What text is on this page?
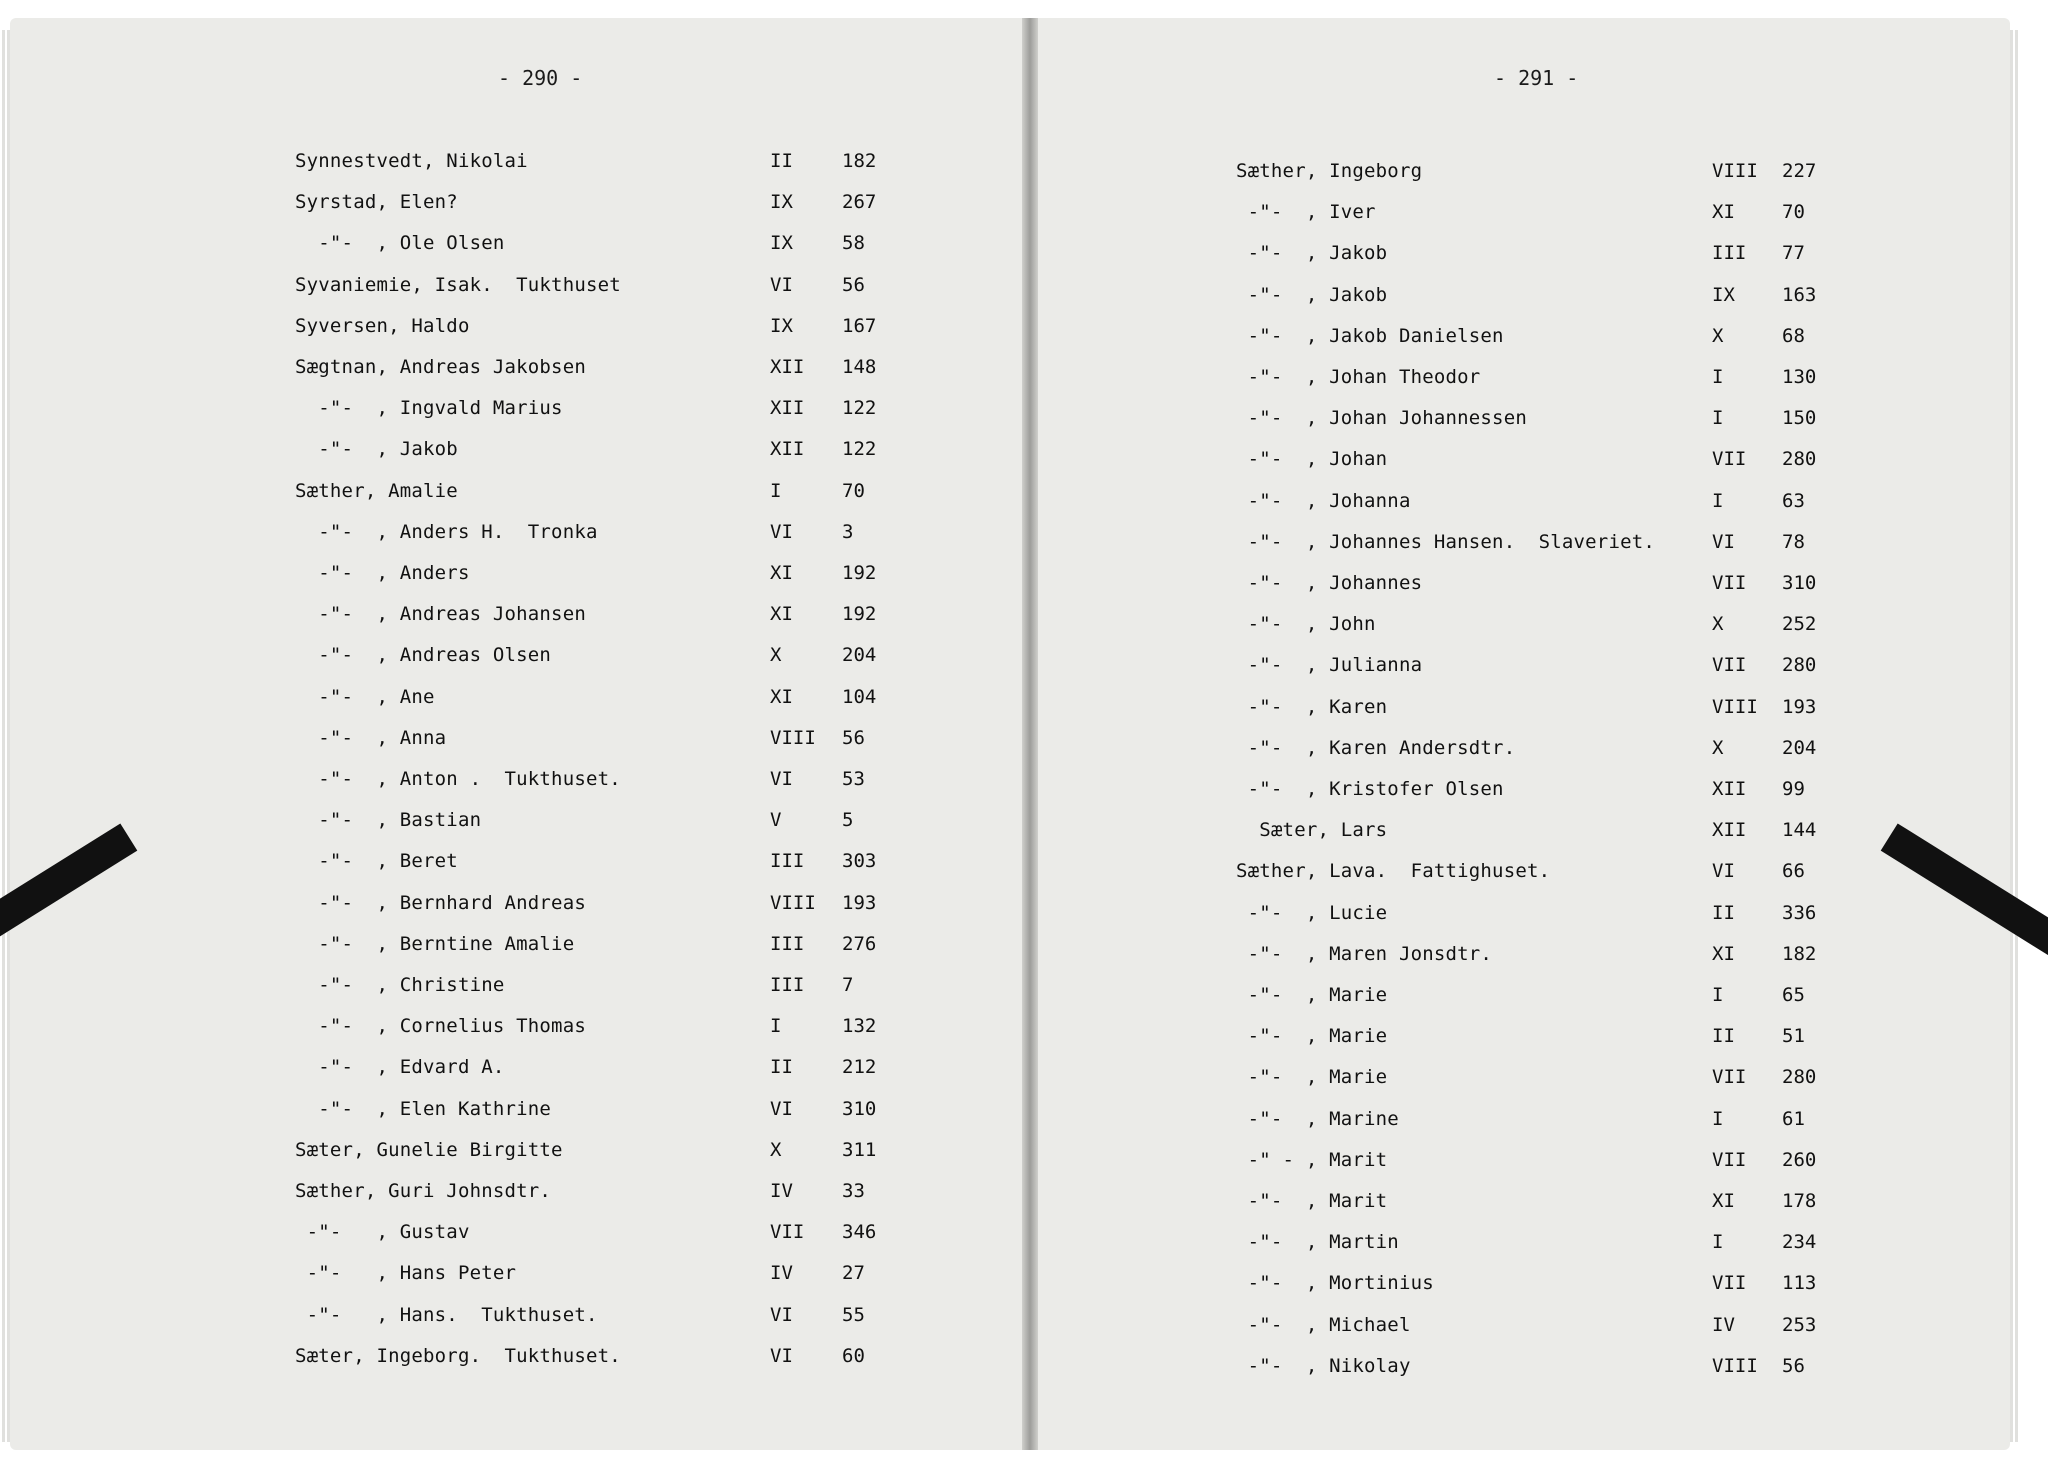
- 290 -	- 291 -
Synnestvedt, Nikolai	II	182
Syrstad, Elen?	IX	267
-"-  , Ole Olsen	IX	58
Syvaniemie, Isak.  Tukthuset	VI	56
Syversen, Haldo	IX	167
Sægtnan, Andreas Jakobsen	XII 148
-"-  , Ingvald Marius	XII 122
-"-  , Jakob	XII 122
Sæther, Amalie	I	70
-"-  , Anders H.  Tronka	VI	3
-"-  , Anders	XI	192
-"-  , Andreas Johansen	XI	192
-"-  , Andreas Olsen	X	204
-"-  , Ane	XI	104
-"-  , Anna	VIII 56
-"-  , Anton .  Tukthuset.	VI	53
-"-  , Bastian	V	5
-"-  , Beret	III 303
-"-  , Bernhard Andreas	VIII 193
-"-  , Berntine Amalie	III 276
-"-  , Christine	III 7
-"-  , Cornelius Thomas	I	132
-"-  , Edvard A.	II	212
-"-  , Elen Kathrine	VI	310
Sæter, Gunelie Birgitte	X	311
Sæther, Guri Johnsdtr.	IV	33
-"-   , Gustav	VII 346
-"-   , Hans Peter	IV	27
-"-   , Hans.  Tukthuset.	VI	55
Sæter, Ingeborg.  Tukthuset.	VI	60
Sæther, Ingeborg	VIII 227
-"-  , Iver	XI 70
-"-  , Jakob	III 77
-"-  , Jakob	IX 163
-"-  , Jakob Danielsen	X	68
-"-  , Johan Theodor	I	130
-"-  , Johan Johannessen	I	150
-"-  , Johan	VII 280
-"-  , Johanna	I	63
-"-  , Johannes Hansen.  Slaveriet.	VI 78
-"-  , Johannes	VII 310
-"-  , John	X	252
-"-  , Julianna	VII 280
-"-  , Karen	VIII 193
-"-  , Karen Andersdtr.	X	204
-"-  , Kristofer Olsen	XII 99
Sæter, Lars	XII 144
Sæther, Lava.  Fattighuset.	VI 66
-"-  , Lucie	II 336
-"-  , Maren Jonsdtr.	XI 182
-"-  , Marie	I	65
-"-  , Marie	II 51
-"-  , Marie	VII 280
-"-  , Marine	I	61
-" - , Marit	VII 260
-"-  , Marit	XI 178
-"-  , Martin	I	234
-"-  , Mortinius	VII 113
-"-  , Michael	IV 253
-"-  , Nikolay	VIII 56
